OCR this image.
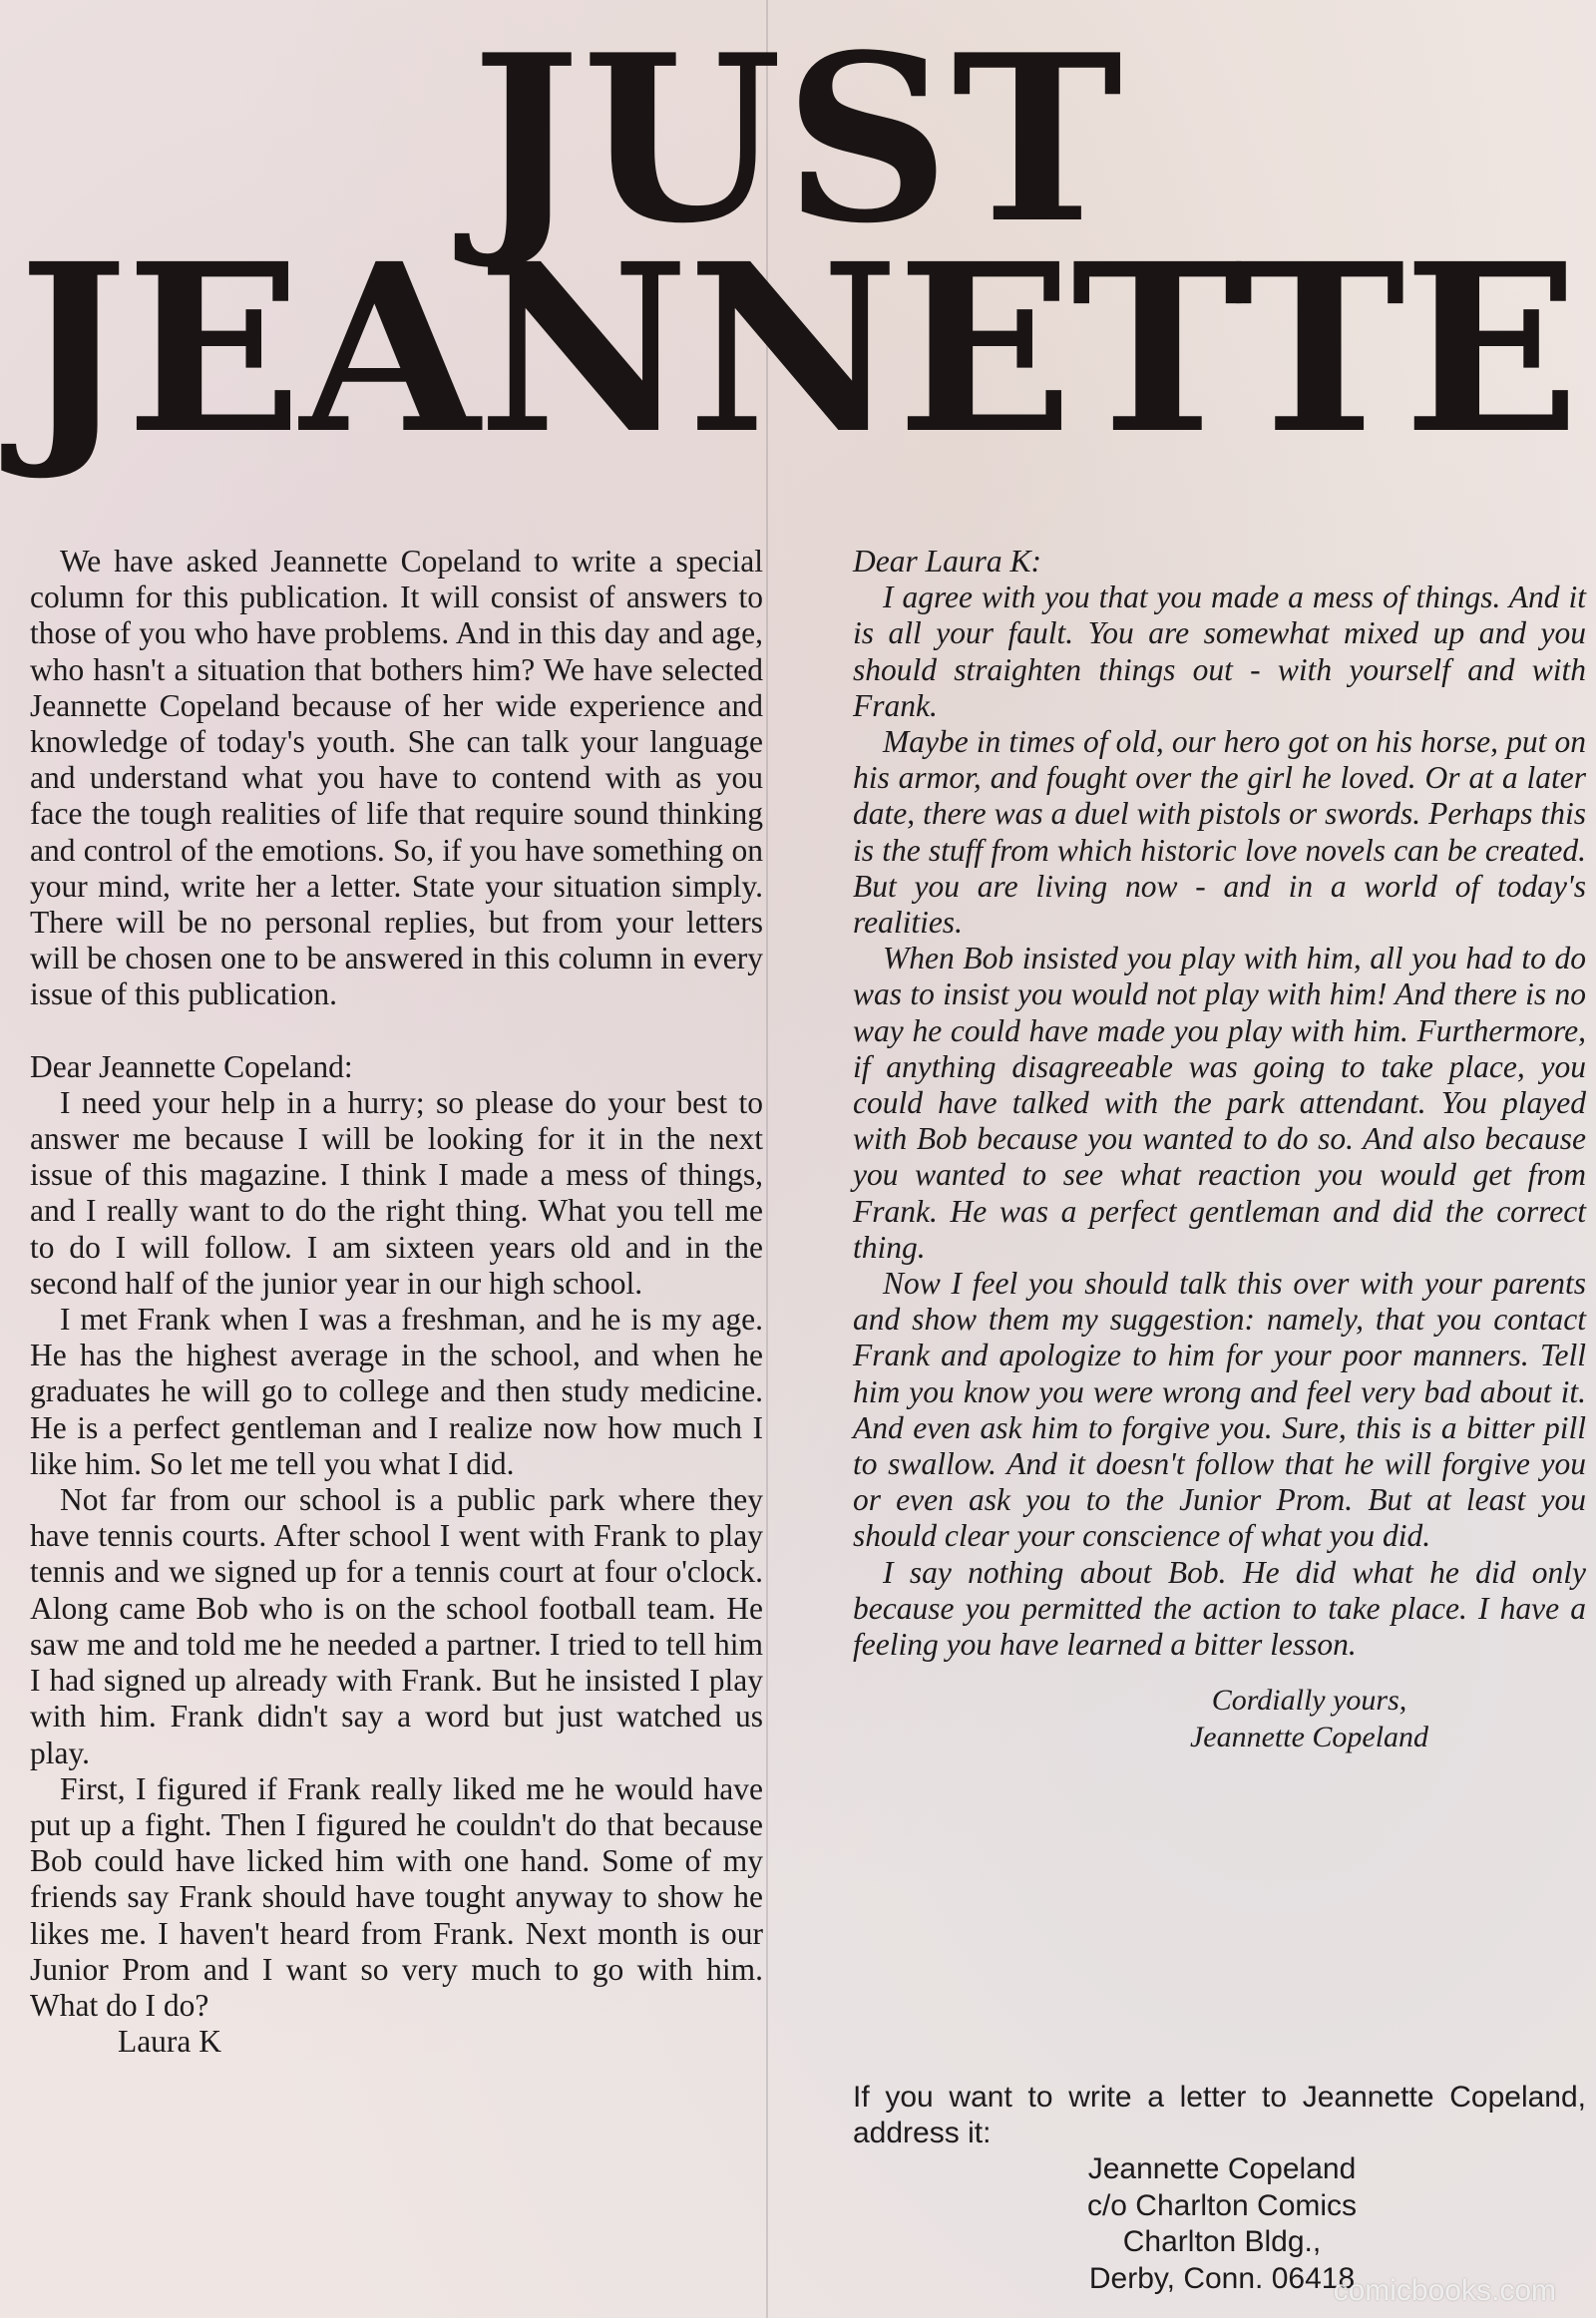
JUST
JEANNETTE

We have asked Jeannette Copeland to write a special column for this publication. It will consist of answers to those of you who have problems. And in this day and age, who hasn't a situation that bothers him? We have selected Jeannette Copeland because of her wide experience and knowledge of today's youth. She can talk your language and understand what you have to contend with as you face the tough realities of life that require sound thinking and control of the emotions. So, if you have something on your mind, write her a letter. State your situation simply. There will be no personal replies, but from your letters will be chosen one to be answered in this column in every issue of this publication.

Dear Jeannette Copeland:

I need your help in a hurry; so please do your best to answer me because I will be looking for it in the next issue of this magazine. I think I made a mess of things, and I really want to do the right thing. What you tell me to do I will follow. I am sixteen years old and in the second half of the junior year in our high school.

I met Frank when I was a freshman, and he is my age. He has the highest average in the school, and when he graduates he will go to college and then study medicine. He is a perfect gentleman and I realize now how much I like him. So let me tell you what I did.

Not far from our school is a public park where they have tennis courts. After school I went with Frank to play tennis and we signed up for a tennis court at four o'clock. Along came Bob who is on the school football team. He saw me and told me he needed a partner. I tried to tell him I had signed up already with Frank. But he insisted I play with him. Frank didn't say a word but just watched us play.

First, I figured if Frank really liked me he would have put up a fight. Then I figured he couldn't do that because Bob could have licked him with one hand. Some of my friends say Frank should have tought anyway to show he likes me. I haven't heard from Frank. Next month is our Junior Prom and I want so very much to go with him. What do I do?

Laura K

Dear Laura K:

I agree with you that you made a mess of things. And it is all your fault. You are somewhat mixed up and you should straighten things out - with yourself and with Frank.

Maybe in times of old, our hero got on his horse, put on his armor, and fought over the girl he loved. Or at a later date, there was a duel with pistols or swords. Perhaps this is the stuff from which historic love novels can be created. But you are living now - and in a world of today's realities.

When Bob insisted you play with him, all you had to do was to insist you would not play with him! And there is no way he could have made you play with him. Furthermore, if anything disagreeable was going to take place, you could have talked with the park attendant. You played with Bob because you wanted to do so. And also because you wanted to see what reaction you would get from Frank. He was a perfect gentleman and did the correct thing.

Now I feel you should talk this over with your parents and show them my suggestion: namely, that you contact Frank and apologize to him for your poor manners. Tell him you know you were wrong and feel very bad about it. And even ask him to forgive you. Sure, this is a bitter pill to swallow. And it doesn't follow that he will forgive you or even ask you to the Junior Prom. But at least you should clear your conscience of what you did.

I say nothing about Bob. He did what he did only because you permitted the action to take place. I have a feeling you have learned a bitter lesson.

Cordially yours,
Jeannette Copeland
If you want to write a letter to Jeannette Copeland, address it:
Jeannette Copeland
c/o Charlton Comics
Charlton Bldg.,
Derby, Conn. 06418
comicbooks.com
